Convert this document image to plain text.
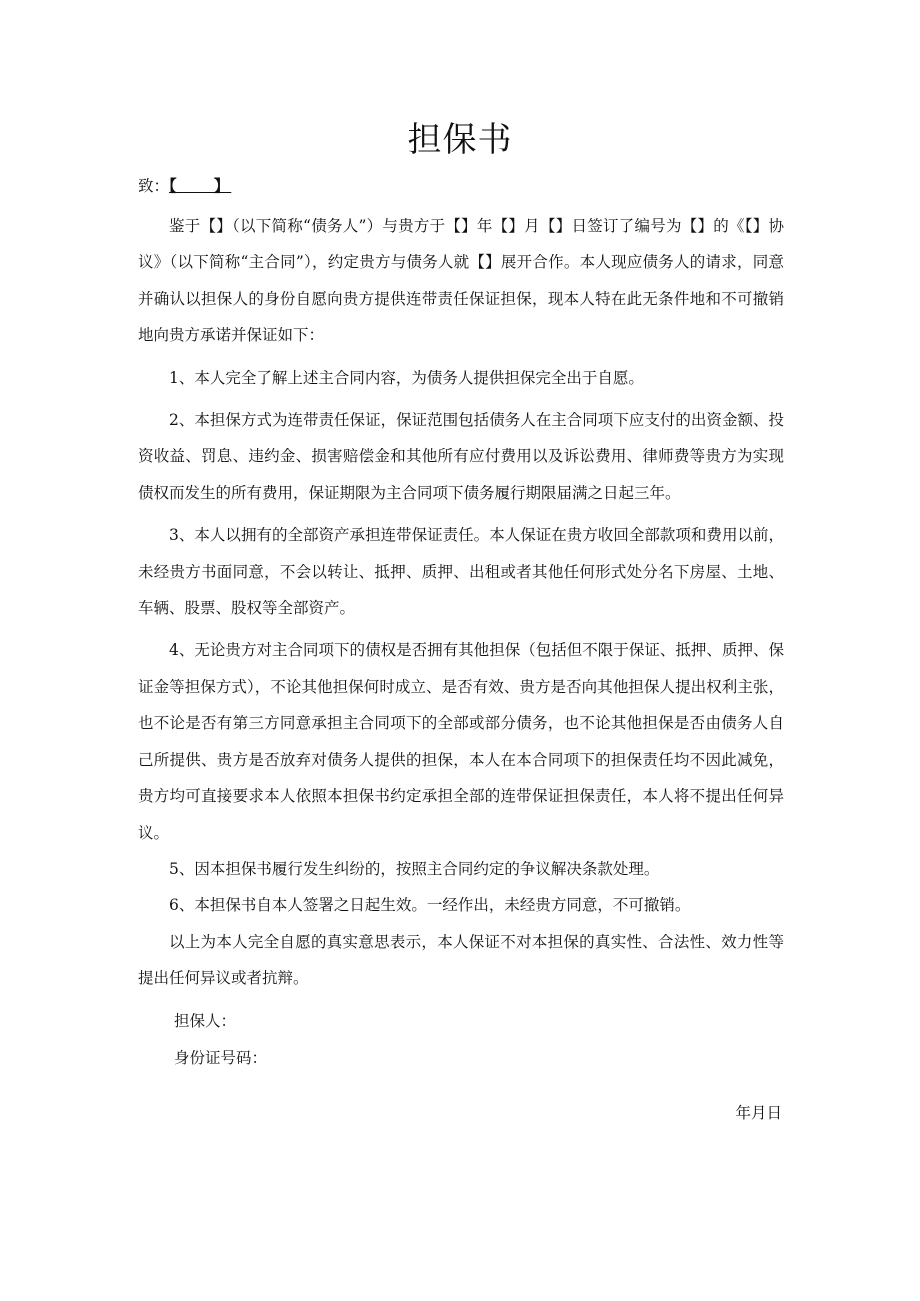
担保书
致：【　　】

鉴于【】（以下简称“债务人”）与贵方于【】年【】月【】日签订了编号为【】的《【】协议》（以下简称“主合同”），约定贵方与债务人就【】展开合作。本人现应债务人的请求，同意并确认以担保人的身份自愿向贵方提供连带责任保证担保，现本人特在此无条件地和不可撤销地向贵方承诺并保证如下：

1、本人完全了解上述主合同内容，为债务人提供担保完全出于自愿。

2、本担保方式为连带责任保证，保证范围包括债务人在主合同项下应支付的出资金额、投资收益、罚息、违约金、损害赔偿金和其他所有应付费用以及诉讼费用、律师费等贵方为实现债权而发生的所有费用，保证期限为主合同项下债务履行期限届满之日起三年。

3、本人以拥有的全部资产承担连带保证责任。本人保证在贵方收回全部款项和费用以前，未经贵方书面同意，不会以转让、抵押、质押、出租或者其他任何形式处分名下房屋、土地、车辆、股票、股权等全部资产。

4、无论贵方对主合同项下的债权是否拥有其他担保（包括但不限于保证、抵押、质押、保证金等担保方式），不论其他担保何时成立、是否有效、贵方是否向其他担保人提出权利主张，也不论是否有第三方同意承担主合同项下的全部或部分债务，也不论其他担保是否由债务人自己所提供、贵方是否放弃对债务人提供的担保，本人在本合同项下的担保责任均不因此减免，贵方均可直接要求本人依照本担保书约定承担全部的连带保证担保责任，本人将不提出任何异议。

5、因本担保书履行发生纠纷的，按照主合同约定的争议解决条款处理。

6、本担保书自本人签署之日起生效。一经作出，未经贵方同意，不可撤销。

以上为本人完全自愿的真实意思表示，本人保证不对本担保的真实性、合法性、效力性等提出任何异议或者抗辩。

担保人：
身份证号码：
年月日
